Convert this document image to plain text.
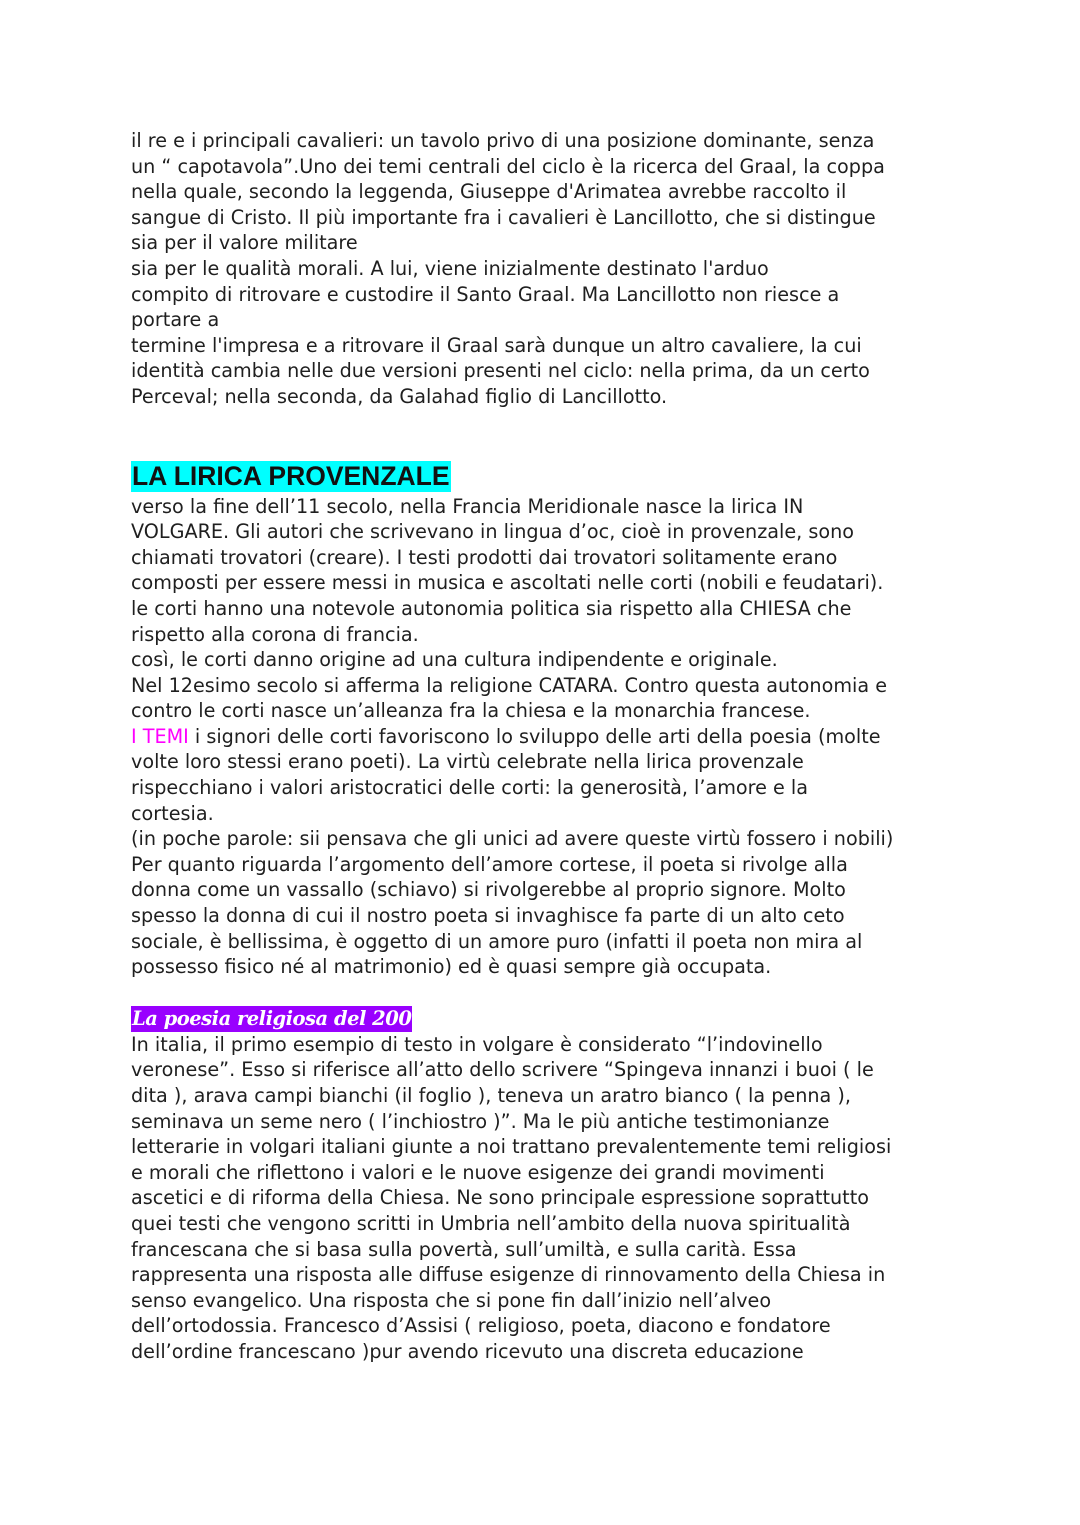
il re e i principali cavalieri: un tavolo privo di una posizione dominante, senza
un “ capotavola”.Uno dei temi centrali del ciclo è la ricerca del Graal, la coppa
nella quale, secondo la leggenda, Giuseppe d'Arimatea avrebbe raccolto il
sangue di Cristo. Il più importante fra i cavalieri è Lancillotto, che si distingue
sia per il valore militare
sia per le qualità morali. A lui, viene inizialmente destinato l'arduo
compito di ritrovare e custodire il Santo Graal. Ma Lancillotto non riesce a
portare a
termine l'impresa e a ritrovare il Graal sarà dunque un altro cavaliere, la cui
identità cambia nelle due versioni presenti nel ciclo: nella prima, da un certo
Perceval; nella seconda, da Galahad figlio di Lancillotto.
LA LIRICA PROVENZALE
verso la fine dell’11 secolo, nella Francia Meridionale nasce la lirica IN
VOLGARE. Gli autori che scrivevano in lingua d’oc, cioè in provenzale, sono
chiamati trovatori (creare). I testi prodotti dai trovatori solitamente erano
composti per essere messi in musica e ascoltati nelle corti (nobili e feudatari).
le corti hanno una notevole autonomia politica sia rispetto alla CHIESA che
rispetto alla corona di francia.
così, le corti danno origine ad una cultura indipendente e originale.
Nel 12esimo secolo si afferma la religione CATARA. Contro questa autonomia e
contro le corti nasce un’alleanza fra la chiesa e la monarchia francese.
I TEMI i signori delle corti favoriscono lo sviluppo delle arti della poesia (molte
volte loro stessi erano poeti). La virtù celebrate nella lirica provenzale
rispecchiano i valori aristocratici delle corti: la generosità, l’amore e la
cortesia.
(in poche parole: sii pensava che gli unici ad avere queste virtù fossero i nobili)
Per quanto riguarda l’argomento dell’amore cortese, il poeta si rivolge alla
donna come un vassallo (schiavo) si rivolgerebbe al proprio signore. Molto
spesso la donna di cui il nostro poeta si invaghisce fa parte di un alto ceto
sociale, è bellissima, è oggetto di un amore puro (infatti il poeta non mira al
possesso fisico né al matrimonio) ed è quasi sempre già occupata.
La poesia religiosa del 200
In italia, il primo esempio di testo in volgare è considerato “l’indovinello
veronese”. Esso si riferisce all’atto dello scrivere “Spingeva innanzi i buoi ( le
dita ), arava campi bianchi (il foglio ), teneva un aratro bianco ( la penna ),
seminava un seme nero ( l’inchiostro )”. Ma le più antiche testimonianze
letterarie in volgari italiani giunte a noi trattano prevalentemente temi religiosi
e morali che riflettono i valori e le nuove esigenze dei grandi movimenti
ascetici e di riforma della Chiesa. Ne sono principale espressione soprattutto
quei testi che vengono scritti in Umbria nell’ambito della nuova spiritualità
francescana che si basa sulla povertà, sull’umiltà, e sulla carità. Essa
rappresenta una risposta alle diffuse esigenze di rinnovamento della Chiesa in
senso evangelico. Una risposta che si pone fin dall’inizio nell’alveo
dell’ortodossia. Francesco d’Assisi ( religioso, poeta, diacono e fondatore
dell’ordine francescano )pur avendo ricevuto una discreta educazione
